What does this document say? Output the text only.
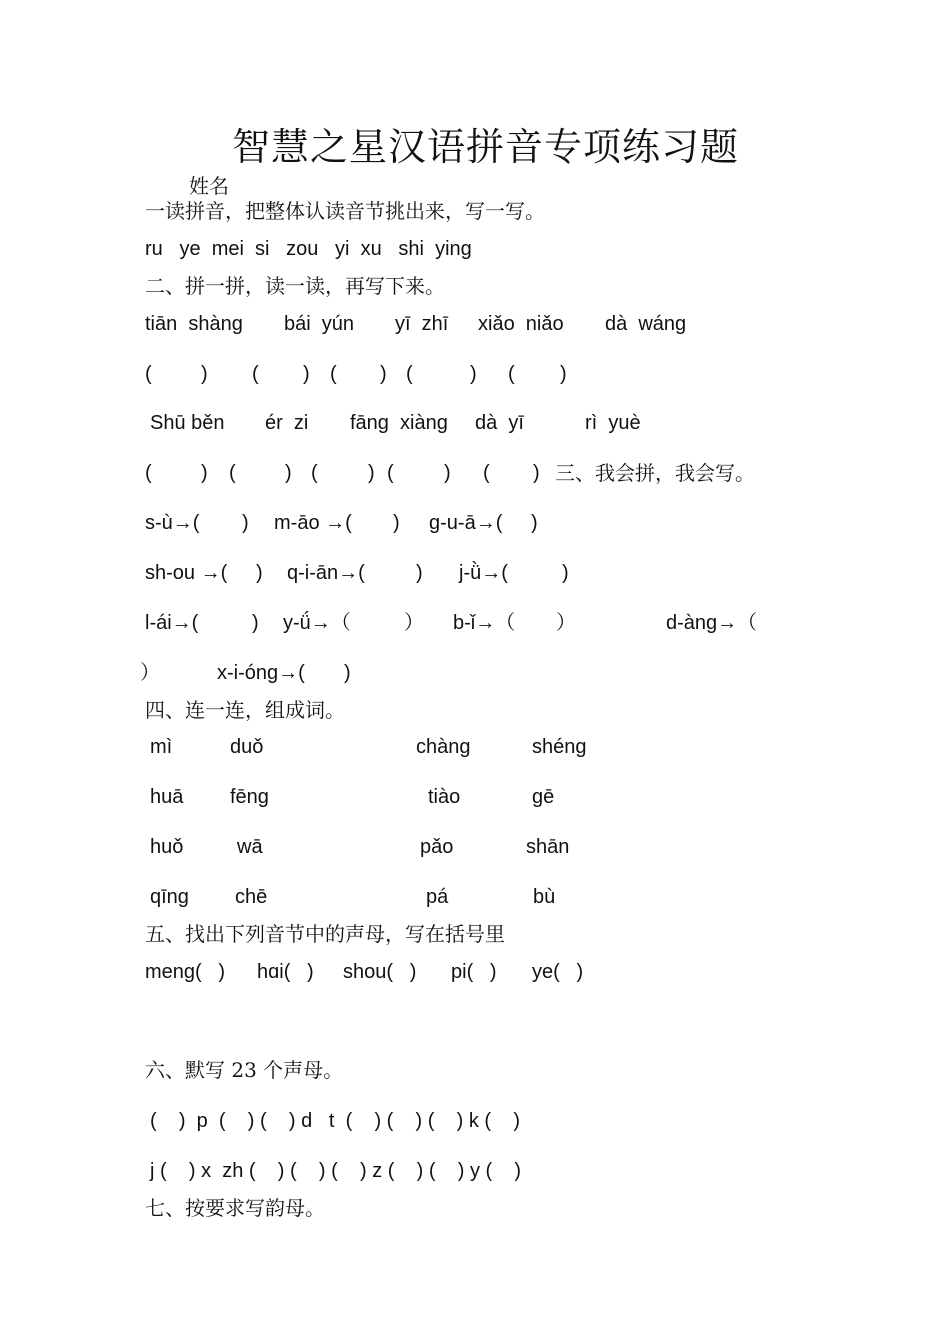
智慧之星汉语拼音专项练习题
姓名
一读拼音，把整体认读音节挑出来，写一写。
ru   ye  mei  si   zou   yi  xu   shi  ying
二、拼一拼，读一读，再写下来。
tiān  shàng bái  yún yī  zhī xiǎo  niǎo dà  wáng
( ) ( ) ( ) (	) ( )
Shū běn ér  zi fānɡ  xiànɡ dà  yī	rì  yuè
( ) ( ) (	) (	) ( ) 三、我会拼，我会写。
s-ù→( ) m-āo →( ) ɡ-u-ā→( )
sh-ou →( ) q-i-ān→(	) j-ǜ→(	)
l-ái→(	) y-ǘ→（	） b-ǐ→（ ）	d-ànɡ→（
）	x-i-ónɡ→( )
四、连一连，组成词。
mì	duǒ	chànɡ	shénɡ
huā fēnɡ	tiào	ɡē
huǒ	wā	pǎo	shān
qīnɡ chē	pá	bù
五、找出下列音节中的声母，写在括号里
menɡ(   ) hɑi(   ) shou(   ) pi(   ) ye(   )
六、默写 23 个声母。
(    )  p  (    ) (    ) d   t  (    ) (    ) (    ) k (    )
j (    ) x  zh (    ) (    ) (    ) z (    ) (    ) y (    )
七、按要求写韵母。
